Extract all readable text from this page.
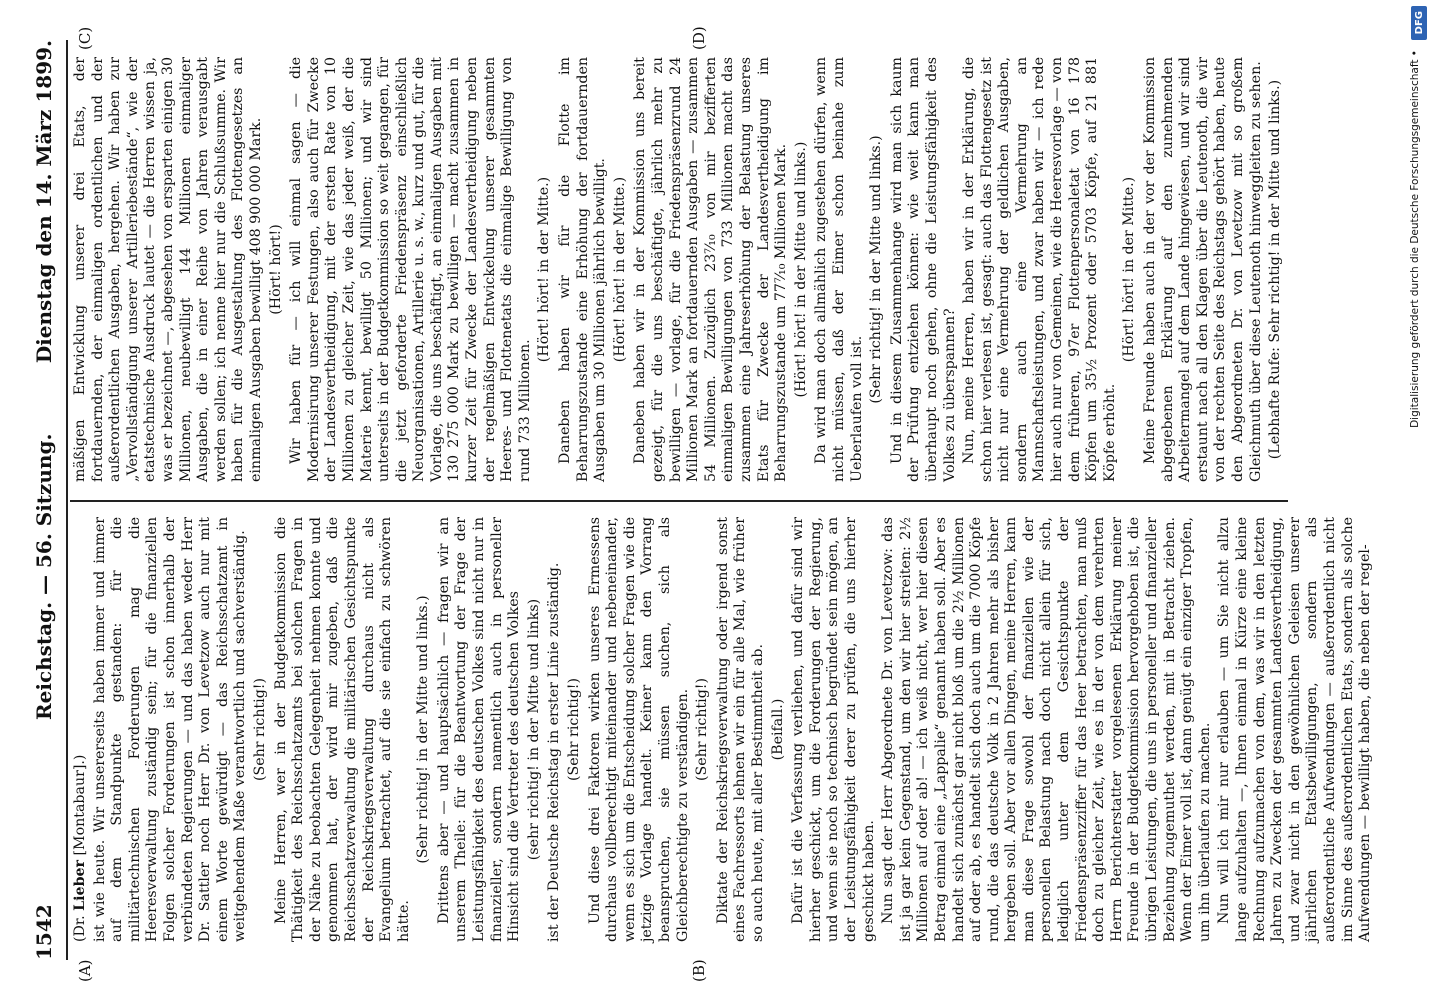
1542
Reichstag. — 56. Sitzung.
Dienstag den 14. März 1899.
(A)	(B)
(C)	(D)

(Dr. Lieber [Montabaur].) ist wie heute. Wir unsererseits haben immer und immer auf dem Standpunkte gestanden: für die militärtechnischen Forderungen mag die Heeresverwaltung zuständig sein; für die finanziellen Folgen solcher Forderungen ist schon innerhalb der verbündeten Regierungen — und das haben weder Herr Dr. Sattler noch Herr Dr. von Levetzow auch nur mit einem Worte gewürdigt — das Reichsschatzamt in weitgehendem Maße verantwortlich und sachverständig. (Sehr richtig!) Meine Herren, wer in der Budgetkommission die Thätigkeit des Reichsschatzamts bei solchen Fragen in der Nähe zu beobachten Gelegenheit nehmen konnte und genommen hat, der wird mir zugeben, daß die Reichsschatzverwaltung die militärischen Gesichtspunkte der Reichskriegsverwaltung durchaus nicht als Evangelium betrachtet, auf die sie einfach zu schwören hätte.

(Sehr richtig! in der Mitte und links.) Drittens aber — und hauptsächlich — fragen wir an unserem Theile: für die Beantwortung der Frage der Leistungsfähigkeit des deutschen Volkes sind nicht nur in finanzieller, sondern namentlich auch in personeller Hinsicht sind die Vertreter des deutschen Volkes (sehr richtig! in der Mitte und links) ist der Deutsche Reichstag in erster Linie zuständig. (Sehr richtig!) Und diese drei Faktoren wirken unseres Ermessens durchaus vollberechtigt miteinander und nebeneinander, wenn es sich um die Entscheidung solcher Fragen wie die jetzige Vorlage handelt. Keiner kann den Vorrang beanspruchen, sie müssen suchen, sich als Gleichberechtigte zu verständigen. (Sehr richtig!) Diktate der Reichskriegsverwaltung oder irgend sonst eines Fachressorts lehnen wir ein für alle Mal, wie früher so auch heute, mit aller Bestimmtheit ab. (Beifall.) Dafür ist die Verfassung verliehen, und dafür sind wir hierher geschickt, um die Forderungen der Regierung, und wenn sie noch so technisch begründet sein mögen, an der Leistungsfähigkeit derer zu prüfen, die uns hierher geschickt haben. Nun sagt der Herr Abgeordnete Dr. von Levetzow: das ist ja gar kein Gegenstand, um den wir hier streiten: 2½ Millionen auf oder ab! — ich weiß nicht, wer hier diesen Betrag einmal eine „Lappalie“ genannt haben soll. Aber es handelt sich zunächst gar nicht bloß um die 2½ Millionen auf oder ab, es handelt sich doch auch um die 7000 Köpfe rund, die das deutsche Volk in 2 Jahren mehr als bisher hergeben soll. Aber vor allen Dingen, meine Herren, kann man diese Frage sowohl der finanziellen wie der personellen Belastung nach doch nicht allein für sich, lediglich unter dem Gesichtspunkte der Friedenspräsenzziffer für das Heer betrachten, man muß doch zu gleicher Zeit, wie es in der von dem verehrten Herrn Berichterstatter vorgelesenen Erklärung meiner Freunde in der Budgetkommission hervorgehoben ist, die übrigen Leistungen, die uns in personeller und finanzieller Beziehung zugemuthet werden, mit in Betracht ziehen. Wenn der Eimer voll ist, dann genügt ein einziger Tropfen, um ihn überlaufen zu machen. Nun will ich mir nur erlauben — um Sie nicht allzu lange aufzuhalten —, Ihnen einmal in Kürze eine kleine Rechnung aufzumachen von dem, was wir in den letzten Jahren zu Zwecken der gesammten Landesvertheidigung, und zwar nicht in den gewöhnlichen Geleisen unserer jährlichen Etatsbewilligungen, sondern als außerordentliche Aufwendungen — außerordentlich nicht im Sinne des außerordentlichen Etats, sondern als solche Aufwendungen — bewilligt haben, die neben der regel-

mäßigen Entwicklung unserer drei Etats, der fortdauernden, der einmaligen ordentlichen und der außerordentlichen Ausgaben, hergehen. Wir haben zur „Vervollständigung unserer Artilleriebestände“, wie der etatstechnische Ausdruck lautet — die Herren wissen ja, was er bezeichnet —, abgesehen von ersparten einigen 30 Millionen, neubewilligt 144 Millionen einmaliger Ausgaben, die in einer Reihe von Jahren verausgabt werden sollen; ich nenne hier nur die Schlußsumme. Wir haben für die Ausgestaltung des Flottengesetzes an einmaligen Ausgaben bewilligt 408 900 000 Mark. (Hört! hört!) Wir haben für — ich will einmal sagen — die Modernisirung unserer Festungen, also auch für Zwecke der Landesvertheidigung, mit der ersten Rate von 10 Millionen zu gleicher Zeit, wie das jeder weiß, der die Materie kennt, bewilligt 50 Millionen; und wir sind unterseits in der Budgetkommission so weit gegangen, für die jetzt geforderte Friedenspräsenz einschließlich Neuorganisationen, Artillerie u. s. w., kurz und gut, für die Vorlage, die uns beschäftigt, an einmaligen Ausgaben mit 130 275 000 Mark zu bewilligen — macht zusammen in kurzer Zeit für Zwecke der Landesvertheidigung neben der regelmäßigen Entwickelung unserer gesammten Heeres- und Flottenetats die einmalige Bewilligung von rund 733 Millionen.

(Hört! hört! in der Mitte.) Daneben haben wir für die Flotte im Beharrungszustande eine Erhöhung der fortdauernden Ausgaben um 30 Millionen jährlich bewilligt. (Hört! hört! in der Mitte.) Daneben haben wir in der Kommission uns bereit gezeigt, für die uns beschäftigte, jährlich mehr zu bewilligen — vorlage, für die Friedenspräsenzrund 24 Millionen Mark an fortdauernden Ausgaben — zusammen 54 Millionen. Zuzüglich 23⁷⁄₁₀ von mir bezifferten einmaligen Bewilligungen von 733 Millionen macht das zusammen eine Jahreserhöhung der Belastung unseres Etats für Zwecke der Landesvertheidigung im Beharrungszustande um 77⁷⁄₁₀ Millionen Mark. (Hört! hört! in der Mitte und links.) Da wird man doch allmählich zugestehen dürfen, wenn nicht müssen, daß der Eimer schon beinahe zum Ueberlaufen voll ist.

(Sehr richtig! in der Mitte und links.) Und in diesem Zusammenhange wird man sich kaum der Prüfung entziehen können: wie weit kann man überhaupt noch gehen, ohne die Leistungsfähigkeit des Volkes zu überspannen? Nun, meine Herren, haben wir in der Erklärung, die schon hier verlesen ist, gesagt: auch das Flottengesetz ist nicht nur eine Vermehrung der geldlichen Ausgaben, sondern auch eine Vermehrung an Mannschaftsleistungen, und zwar haben wir — ich rede hier auch nur von Gemeinen, wie die Heeresvorlage — von dem früheren, 97er Flottenpersonaletat von 16 178 Köpfen um 35½ Prozent oder 5703 Köpfe, auf 21 881 Köpfe erhöht.

(Hört! hört! in der Mitte.) Meine Freunde haben auch in der vor der Kommission abgegebenen Erklärung auf den zunehmenden Arbeitermangel auf dem Lande hingewiesen, und wir sind erstaunt nach all den Klagen über die Leutenoth, die wir von der rechten Seite des Reichstags gehört haben, heute den Abgeordneten Dr. von Levetzow mit so großem Gleichmuth über diese Leutenoth hinweggleiten zu sehen. (Lebhafte Rufe: Sehr richtig! in der Mitte und links.)

DFG
Digitalisierung gefördert durch die Deutsche Forschungsgemeinschaft •
